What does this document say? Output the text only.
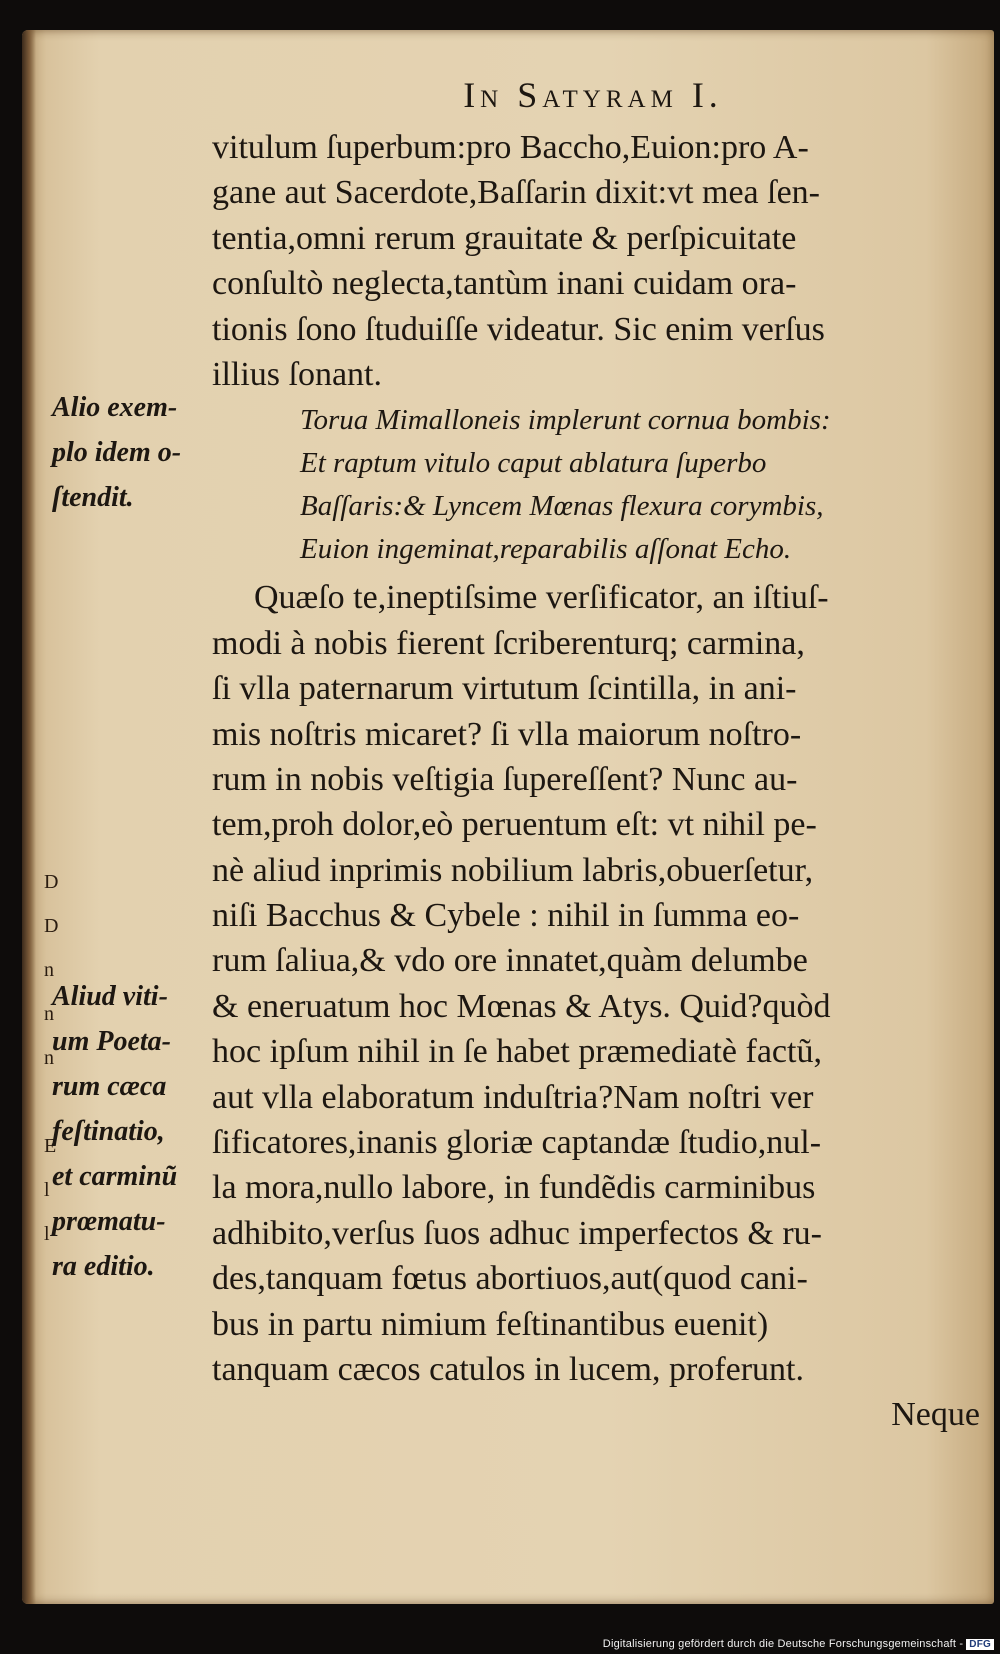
In Satyram I.
D
D
n
n
n

E
l
l
Alio exem-
plo idem o-
ſtendit.
Aliud viti-
um Poeta-
rum cæca
feſtinatio,
et carminũ
prœmatu-
ra editio.
vitulum ſuperbum:pro Baccho,Euion:pro A-
gane aut Sacerdote,Baſſarin dixit:vt mea ſen-
tentia,omni rerum grauitate & perſpicuitate
conſultò neglecta,tantùm inani cuidam ora-
tionis ſono ſtuduiſſe videatur. Sic enim verſus
illius ſonant.
Torua Mimalloneis implerunt cornua bombis:
Et raptum vitulo caput ablatura ſuperbo
Baſſaris:& Lyncem Mœnas flexura corymbis,
Euion ingeminat,reparabilis aſſonat Echo.
Quæſo te,ineptiſsime verſificator, an iſtiuſ-
modi à nobis fierent ſcriberenturq; carmina,
ſi vlla paternarum virtutum ſcintilla, in ani-
mis noſtris micaret? ſi vlla maiorum noſtro-
rum in nobis veſtigia ſupereſſent? Nunc au-
tem,proh dolor,eò peruentum eſt: vt nihil pe-
nè aliud inprimis nobilium labris,obuerſetur,
niſi Bacchus & Cybele : nihil in ſumma eo-
rum ſaliua,& vdo ore innatet,quàm delumbe
& eneruatum hoc Mœnas & Atys. Quid?quòd
hoc ipſum nihil in ſe habet præmediatè factũ,
aut vlla elaboratum induſtria?Nam noſtri ver
ſificatores,inanis gloriæ captandæ ſtudio,nul-
la mora,nullo labore, in fundẽdis carminibus
adhibito,verſus ſuos adhuc imperfectos & ru-
des,tanquam fœtus abortiuos,aut(quod cani-
bus in partu nimium feſtinantibus euenit)
tanquam cæcos catulos in lucem, proferunt.
Neque
Digitalisierung gefördert durch die Deutsche Forschungsgemeinschaft - DFG
